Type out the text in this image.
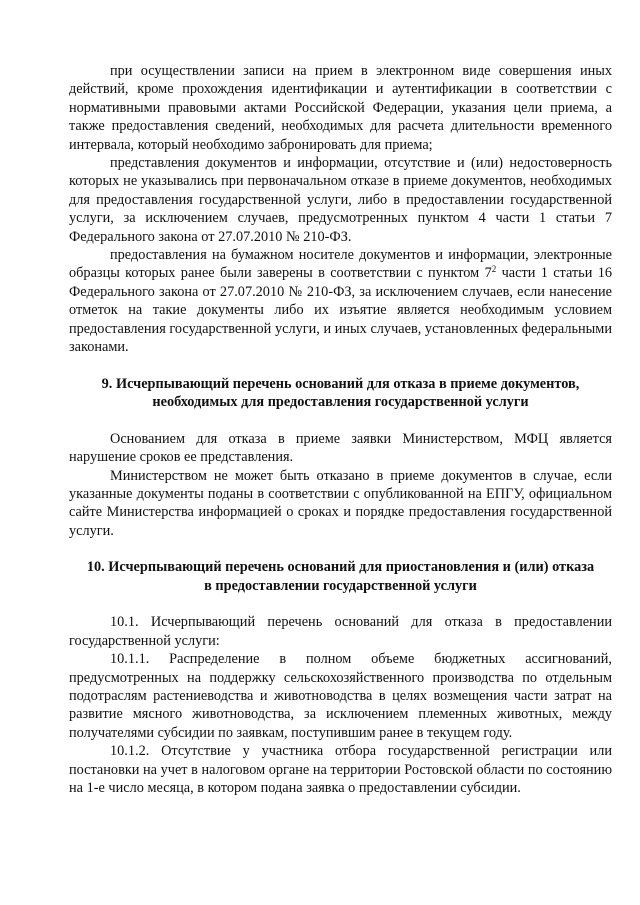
при осуществлении записи на прием в электронном виде совершения иных действий, кроме прохождения идентификации и аутентификации в соответствии с нормативными правовыми актами Российской Федерации, указания цели приема, а также предоставления сведений, необходимых для расчета длительности временного интервала, который необходимо забронировать для приема;

представления документов и информации, отсутствие и (или) недостоверность которых не указывались при первоначальном отказе в приеме документов, необходимых для предоставления государственной услуги, либо в предоставлении государственной услуги, за исключением случаев, предусмотренных пунктом 4 части 1 статьи 7 Федерального закона от 27.07.2010 № 210-ФЗ.

предоставления на бумажном носителе документов и информации, электронные образцы которых ранее были заверены в соответствии с пунктом $7^2$ части 1 статьи 16 Федерального закона от 27.07.2010 № 210-ФЗ, за исключением случаев, если нанесение отметок на такие документы либо их изъятие является необходимым условием предоставления государственной услуги, и иных случаев, установленных федеральными законами.

9. Исчерпывающий перечень оснований для отказа в приеме документов,

необходимых для предоставления государственной услуги

Основанием для отказа в приеме заявки Министерством, МФЦ является нарушение сроков ее представления.

Министерством не может быть отказано в приеме документов в случае, если указанные документы поданы в соответствии с опубликованной на ЕПГУ, официальном сайте Министерства информацией о сроках и порядке предоставления государственной услуги.

10. Исчерпывающий перечень оснований для приостановления и (или) отказа

в предоставлении государственной услуги

10.1. Исчерпывающий перечень оснований для отказа в предоставлении государственной услуги:

10.1.1. Распределение в полном объеме бюджетных ассигнований, предусмотренных на поддержку сельскохозяйственного производства по отдельным подотраслям растениеводства и животноводства в целях возмещения части затрат на развитие мясного животноводства, за исключением племенных животных, между получателями субсидии по заявкам, поступившим ранее в текущем году.

10.1.2. Отсутствие у участника отбора государственной регистрации или постановки на учет в налоговом органе на территории Ростовской области по состоянию на 1-е число месяца, в котором подана заявка о предоставлении субсидии.
